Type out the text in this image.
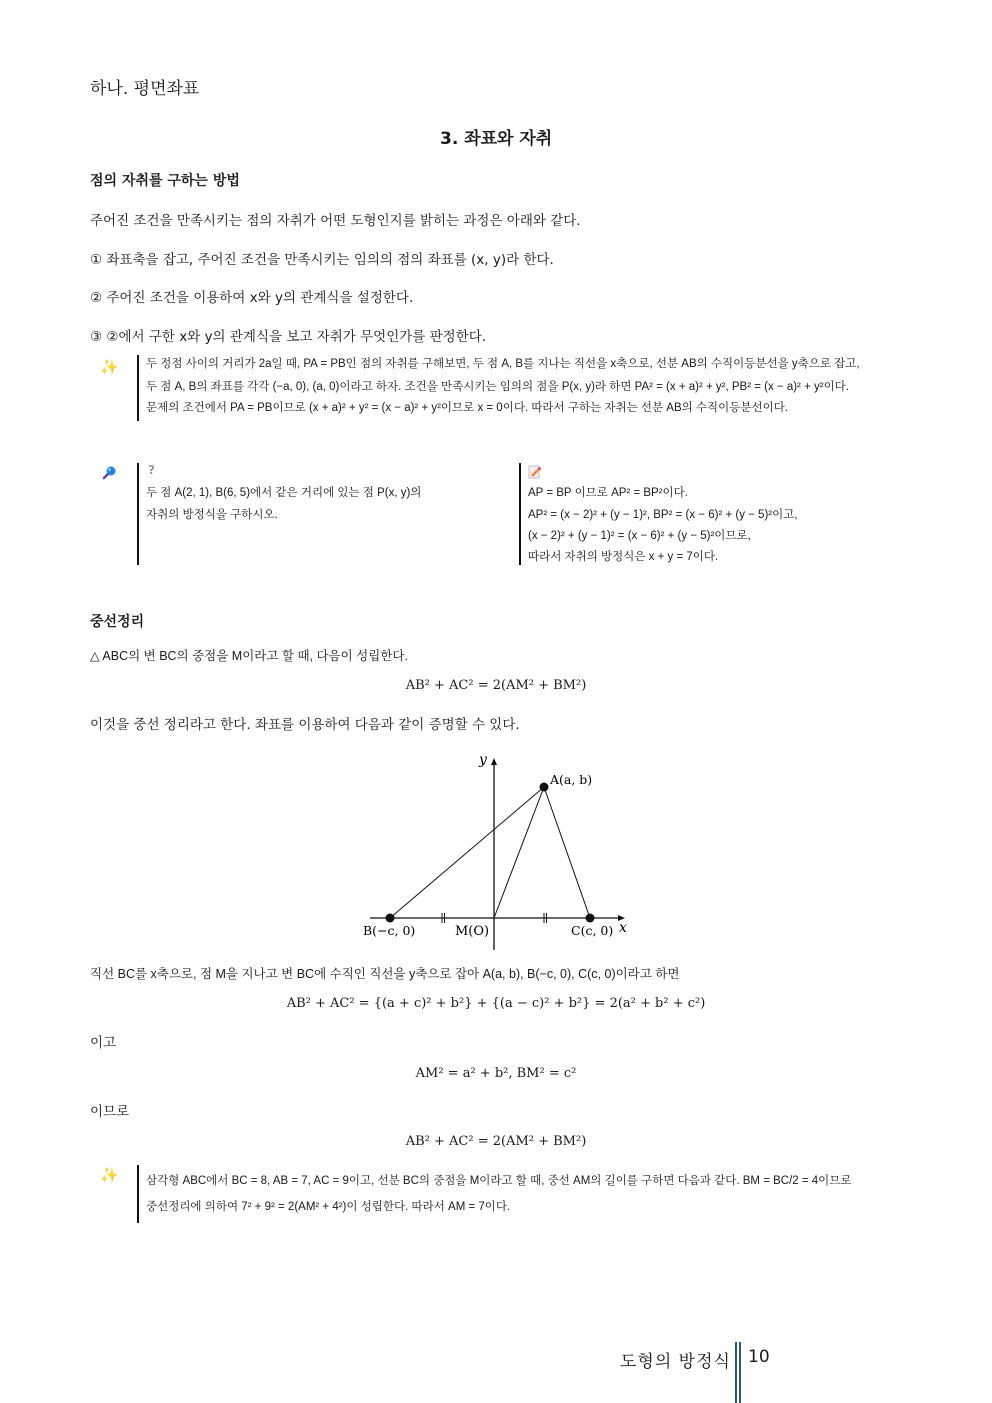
하나. 평면좌표
3. 좌표와 자취
점의 자취를 구하는 방법
주어진 조건을 만족시키는 점의 자취가 어떤 도형인지를 밝히는 과정은 아래와 같다.
① 좌표축을 잡고, 주어진 조건을 만족시키는 임의의 점의 좌표를 (x, y)라 한다.
② 주어진 조건을 이용하여 x와 y의 관계식을 설정한다.
③ ②에서 구한 x와 y의 관계식을 보고 자취가 무엇인가를 판정한다.
✨ 두 정점 사이의 거리가 2a일 때, PA = PB인 점의 자취를 구해보면, 두 점 A, B를 지나는 직선을 x축으로, 선분 AB의 수직이등분선을 y축으로 잡고,
두 점 A, B의 좌표를 각각 (−a, 0), (a, 0)이라고 하자. 조건을 만족시키는 임의의 점을 P(x, y)라 하면 PA² = (x + a)² + y², PB² = (x − a)² + y²이다.
문제의 조건에서 PA = PB이므로 (x + a)² + y² = (x − a)² + y²이므로 x = 0이다. 따라서 구하는 자취는 선분 AB의 수직이등분선이다.
?
두 점 A(2, 1), B(6, 5)에서 같은 거리에 있는 점 P(x, y)의
자취의 방정식을 구하시오.
AP = BP 이므로 AP² = BP²이다.
AP² = (x − 2)² + (y − 1)², BP² = (x − 6)² + (y − 5)²이고,
(x − 2)² + (y − 1)² = (x − 6)² + (y − 5)²이므로,
따라서 자취의 방정식은 x + y = 7이다.
중선정리
△ ABC의 변 BC의 중점을 M이라고 할 때, 다음이 성립한다.
AB² + AC² = 2(AM² + BM²)
이것을 중선 정리라고 한다. 좌표를 이용하여 다음과 같이 증명할 수 있다.
y
x
A(a, b)
B(−c, 0)	M(O)	C(c, 0)
직선 BC를 x축으로, 점 M을 지나고 변 BC에 수직인 직선을 y축으로 잡아 A(a, b), B(−c, 0), C(c, 0)이라고 하면
AB² + AC² = {(a + c)² + b²} + {(a − c)² + b²} = 2(a² + b² + c²)
이고
AM² = a² + b², BM² = c²
이므로
AB² + AC² = 2(AM² + BM²)
✨ 삼각형 ABC에서 BC = 8, AB = 7, AC = 9이고, 선분 BC의 중점을 M이라고 할 때, 중선 AM의 길이를 구하면 다음과 같다. BM = BC/2 = 4이므로
중선정리에 의하여 7² + 9² = 2(AM² + 4²)이 성립한다. 따라서 AM = 7이다.
도형의 방정식 10
